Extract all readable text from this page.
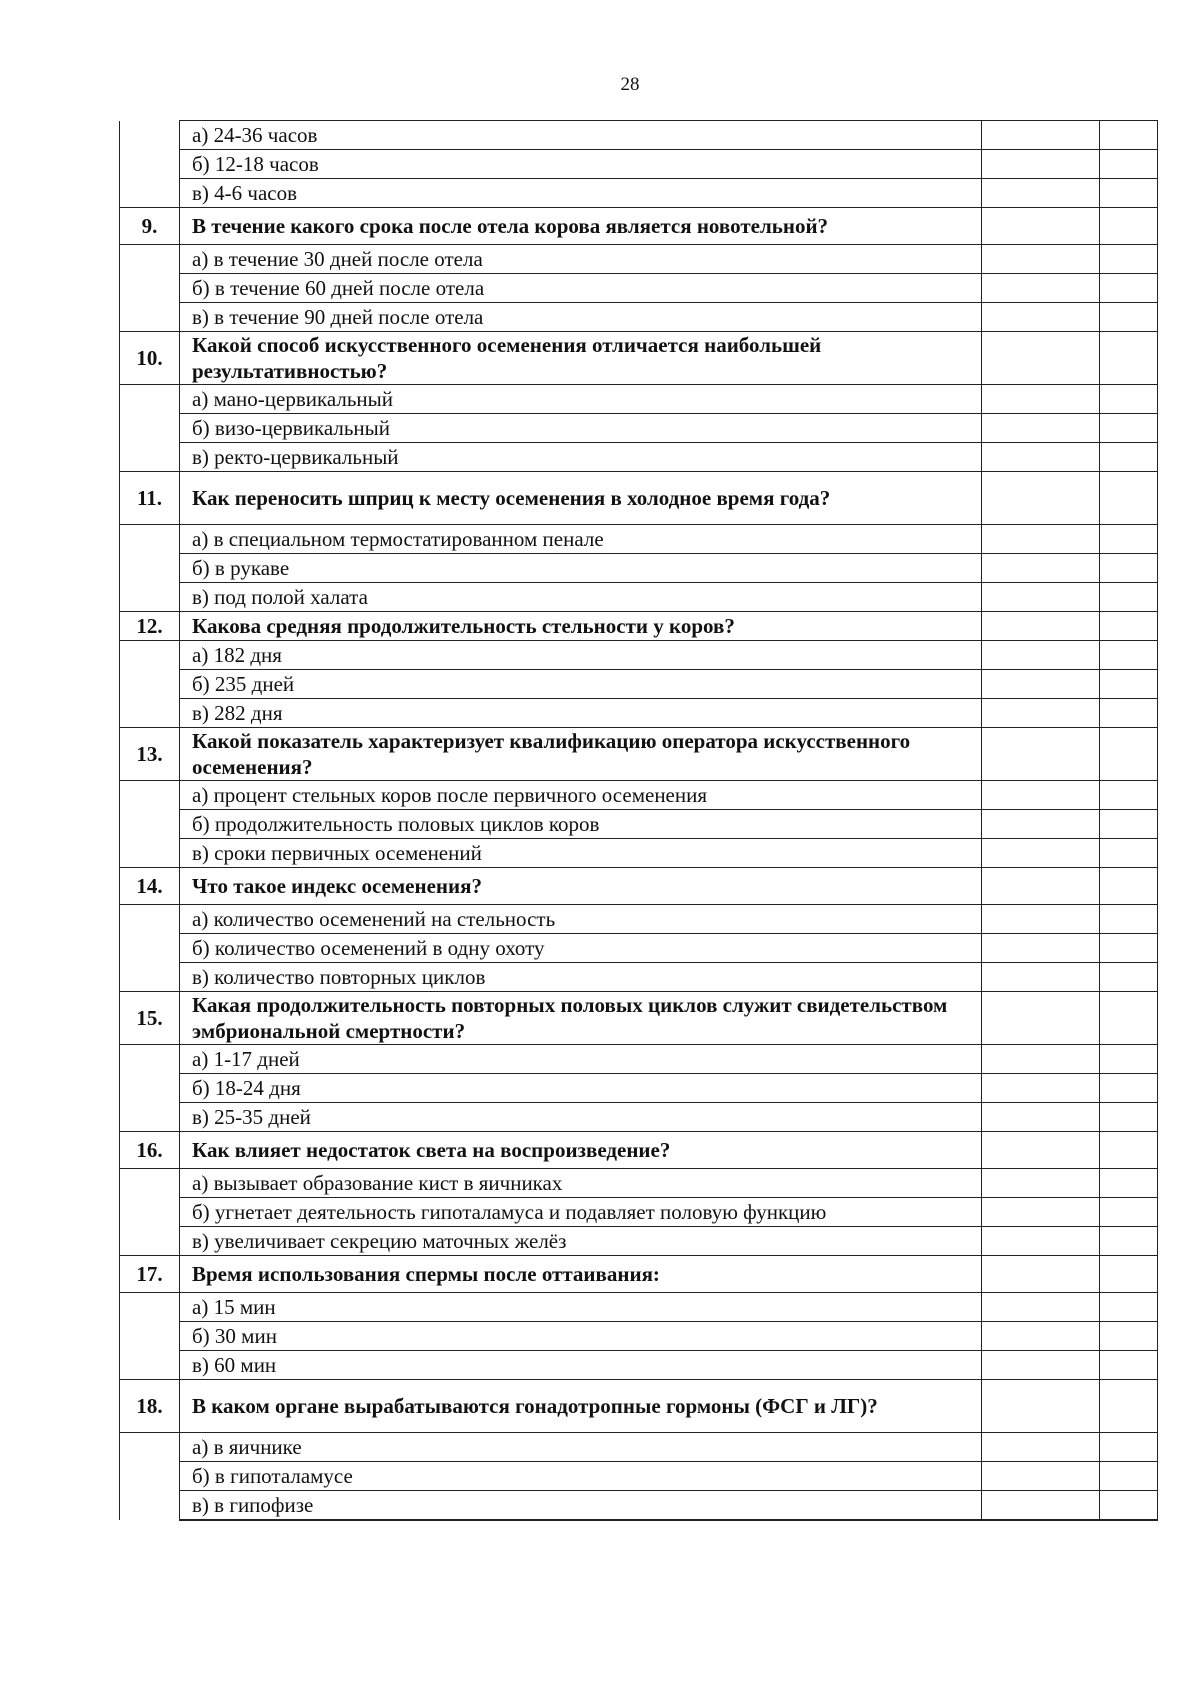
28
	а) 24-36 часов		
	б) 12-18 часов		
	в) 4-6 часов		
9.	В течение какого срока после отела корова является новотельной?		
	а) в течение 30 дней после отела		
	б) в течение 60 дней после отела		
	в) в течение 90 дней после отела		
10.	Какой способ искусственного осеменения отличается наибольшей результативностью?		
	а) мано-цервикальный		
	б) визо-цервикальный		
	в) ректо-цервикальный		
11.	Как переносить шприц к месту осеменения в холодное время года?		
	а) в специальном термостатированном пенале		
	б) в рукаве		
	в) под полой халата		
12.	Какова средняя продолжительность стельности у коров?		
	а) 182 дня		
	б) 235 дней		
	в) 282 дня		
13.	Какой показатель характеризует квалификацию оператора искусственного осеменения?		
	а) процент стельных коров после первичного осеменения		
	б) продолжительность половых циклов коров		
	в) сроки первичных осеменений		
14.	Что такое индекс осеменения?		
	а) количество осеменений на стельность		
	б) количество осеменений в одну охоту		
	в) количество повторных циклов		
15.	Какая продолжительность повторных половых циклов служит свидетельством эмбриональной смертности?		
	а) 1-17 дней		
	б) 18-24 дня		
	в) 25-35 дней		
16.	Как влияет недостаток света на воспроизведение?		
	а) вызывает образование кист в яичниках		
	б) угнетает деятельность гипоталамуса и подавляет половую функцию		
	в) увеличивает секрецию маточных желёз		
17.	Время использования спермы после оттаивания:		
	а) 15 мин		
	б) 30 мин		
	в) 60 мин		
18.	В каком органе вырабатываются гонадотропные гормоны (ФСГ и ЛГ)?		
	а) в яичнике		
	б) в гипоталамусе		
	в) в гипофизе		
